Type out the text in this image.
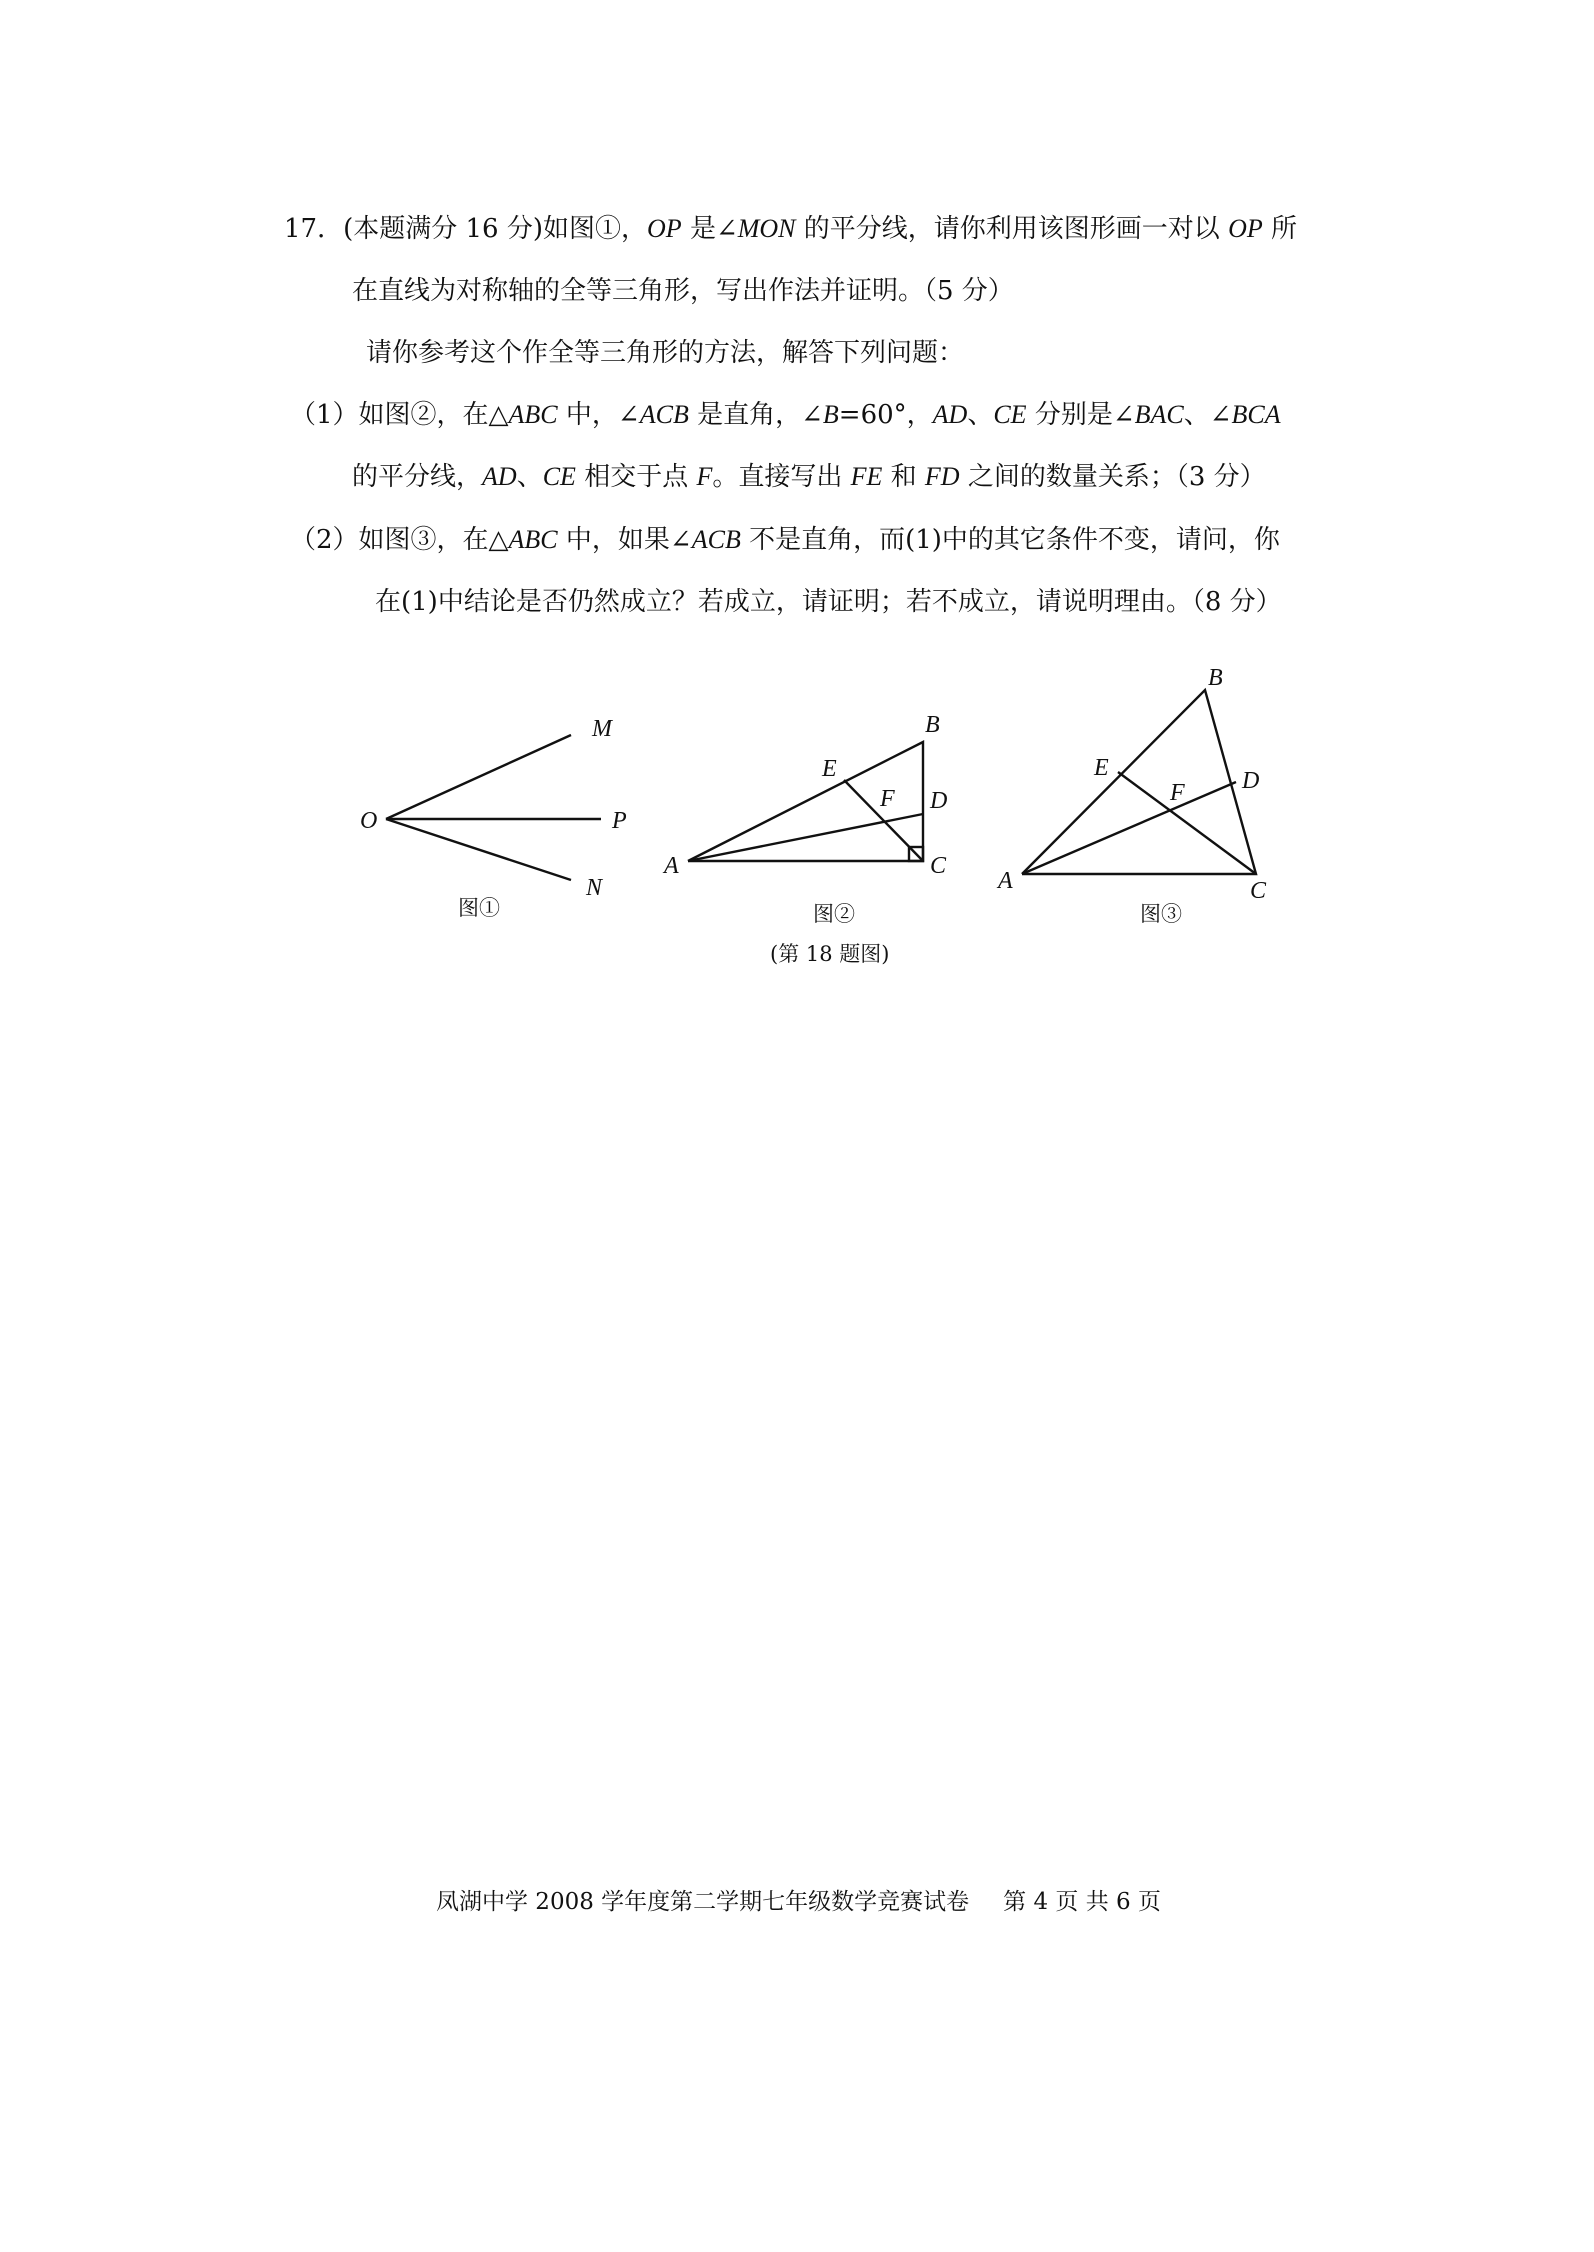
17．(本题满分 16 分)如图①，OP 是∠MON 的平分线，请你利用该图形画一对以 OP 所
在直线为对称轴的全等三角形，写出作法并证明。（5 分）
请你参考这个作全等三角形的方法，解答下列问题：
（1）如图②，在△ABC 中，∠ACB 是直角，∠B=60°，AD、CE 分别是∠BAC、∠BCA
的平分线，AD、CE 相交于点 F。直接写出 FE 和 FD 之间的数量关系；（3 分）
（2）如图③，在△ABC 中，如果∠ACB 不是直角，而(1)中的其它条件不变，请问，你
在(1)中结论是否仍然成立？若成立，请证明；若不成立，请说明理由。（8 分）
O
M
P
N
图①
A
B
C
D
E
F
图②
A
B
C
D
E
F
图③
(第 18 题图)
凤湖中学 2008 学年度第二学期七年级数学竞赛试卷 第 4 页 共 6 页
